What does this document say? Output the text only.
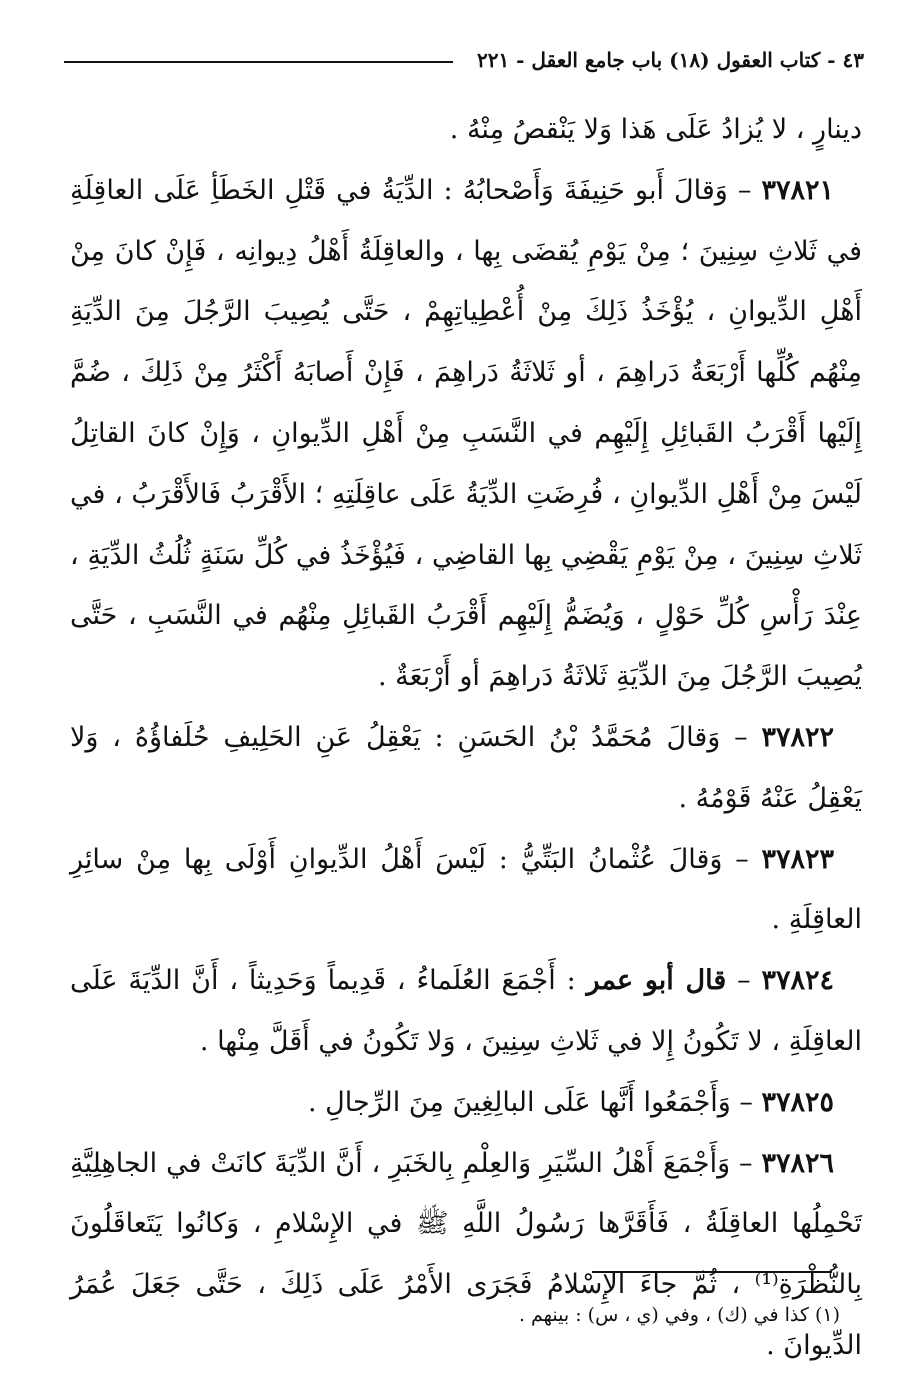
٤٣ - كتاب العقول (١٨) باب جامع العقل - ٢٢١

دينارٍ ، لا يُزادُ عَلَى هَذا وَلا يَنْقصُ مِنْهُ .

٣٧٨٢١ – وَقالَ أَبو حَنِيفَةَ وَأَصْحابُهُ : الدِّيَةُ في قَتْلِ الخَطَأِ عَلَى العاقِلَةِ في ثَلاثِ سِنِينَ ؛ مِنْ يَوْمِ يُقضَى بِها ، والعاقِلَةُ أَهْلُ دِيوانِه ، فَإِنْ كانَ مِنْ أَهْلِ الدِّيوانِ ، يُؤْخَذُ ذَلِكَ مِنْ أُعْطِياتِهِمْ ، حَتَّى يُصِيبَ الرَّجُلَ مِنَ الدِّيَةِ مِنْهُم كُلِّها أَرْبَعَةُ دَراهِمَ ، أو ثَلاثَةُ دَراهِمَ ، فَإِنْ أَصابَهُ أَكْثَرُ مِنْ ذَلِكَ ، ضُمَّ إِلَيْها أَقْرَبُ القَبائِلِ إِلَيْهِم في النَّسَبِ مِنْ أَهْلِ الدِّيوانِ ، وَإِنْ كانَ القاتِلُ لَيْسَ مِنْ أَهْلِ الدِّيوانِ ، فُرِضَتِ الدِّيَةُ عَلَى عاقِلَتِهِ ؛ الأَقْرَبُ فَالأَقْرَبُ ، في ثَلاثِ سِنِينَ ، مِنْ يَوْمِ يَقْضِي بِها القاضِي ، فَيُؤْخَذُ في كُلِّ سَنَةٍ ثُلُثُ الدِّيَةِ ، عِنْدَ رَأْسِ كُلِّ حَوْلٍ ، وَيُضَمُّ إِلَيْهِم أَقْرَبُ القَبائِلِ مِنْهُم في النَّسَبِ ، حَتَّى يُصِيبَ الرَّجُلَ مِنَ الدِّيَةِ ثَلاثَةُ دَراهِمَ أو أَرْبَعَةٌ .

٣٧٨٢٢ – وَقالَ مُحَمَّدُ بْنُ الحَسَنِ : يَعْقِلُ عَنِ الحَلِيفِ حُلَفاؤُهُ ، وَلا يَعْقِلُ عَنْهُ قَوْمُهُ .

٣٧٨٢٣ – وَقالَ عُثْمانُ البَتِّيُّ : لَيْسَ أَهْلُ الدِّيوانِ أَوْلَى بِها مِنْ سائِرِ العاقِلَةِ .

٣٧٨٢٤ – قال أبو عمر : أَجْمَعَ العُلَماءُ ، قَدِيماً وَحَدِيثاً ، أَنَّ الدِّيَةَ عَلَى العاقِلَةِ ، لا تَكُونُ إِلا في ثَلاثِ سِنِينَ ، وَلا تَكُونُ في أَقَلَّ مِنْها .

٣٧٨٢٥ – وَأَجْمَعُوا أَنَّها عَلَى البالِغِينَ مِنَ الرِّجالِ .

٣٧٨٢٦ – وَأَجْمَعَ أَهْلُ السِّيَرِ وَالعِلْمِ بِالخَبَرِ ، أَنَّ الدِّيَةَ كانَتْ في الجاهِلِيَّةِ تَحْمِلُها العاقِلَةُ ، فَأَقَرَّها رَسُولُ اللَّهِ ﷺ في الإِسْلامِ ، وَكانُوا يَتَعاقَلُونَ بِالنُّظْرَةِ⁽¹⁾ ، ثُمَّ جاءَ الإِسْلامُ فَجَرَى الأَمْرُ عَلَى ذَلِكَ ، حَتَّى جَعَلَ عُمَرُ الدِّيوانَ .

(١) كذا في (ك) ، وفي (ي ، س) : بينهم .
